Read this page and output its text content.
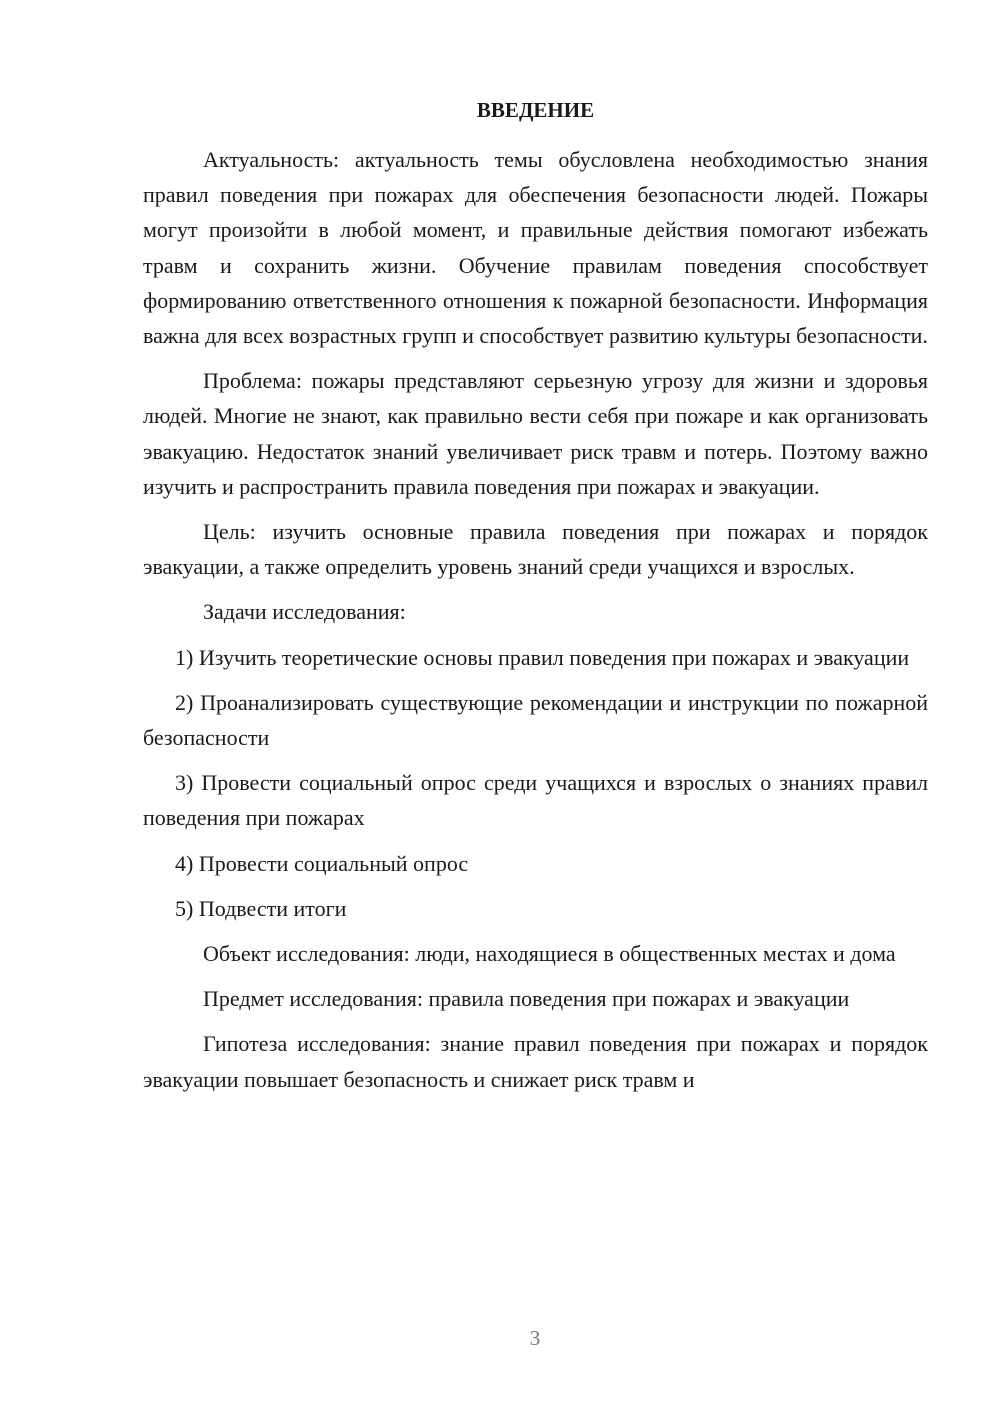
ВВЕДЕНИЕ
Актуальность: актуальность темы обусловлена необходимостью знания правил поведения при пожарах для обеспечения безопасности людей. Пожары могут произойти в любой момент, и правильные действия помогают избежать травм и сохранить жизни. Обучение правилам поведения способствует формированию ответственного отношения к пожарной безопасности. Информация важна для всех возрастных групп и способствует развитию культуры безопасности.
Проблема: пожары представляют серьезную угрозу для жизни и здоровья людей. Многие не знают, как правильно вести себя при пожаре и как организовать эвакуацию. Недостаток знаний увеличивает риск травм и потерь. Поэтому важно изучить и распространить правила поведения при пожарах и эвакуации.
Цель: изучить основные правила поведения при пожарах и порядок эвакуации, а также определить уровень знаний среди учащихся и взрослых.
Задачи исследования:
1) Изучить теоретические основы правил поведения при пожарах и эвакуации
2) Проанализировать существующие рекомендации и инструкции по пожарной безопасности
3) Провести социальный опрос среди учащихся и взрослых о знаниях правил поведения при пожарах
4) Провести социальный опрос
5) Подвести итоги
Объект исследования: люди, находящиеся в общественных местах и дома
Предмет исследования: правила поведения при пожарах и эвакуации
Гипотеза исследования: знание правил поведения при пожарах и порядок эвакуации повышает безопасность и снижает риск травм и
3
